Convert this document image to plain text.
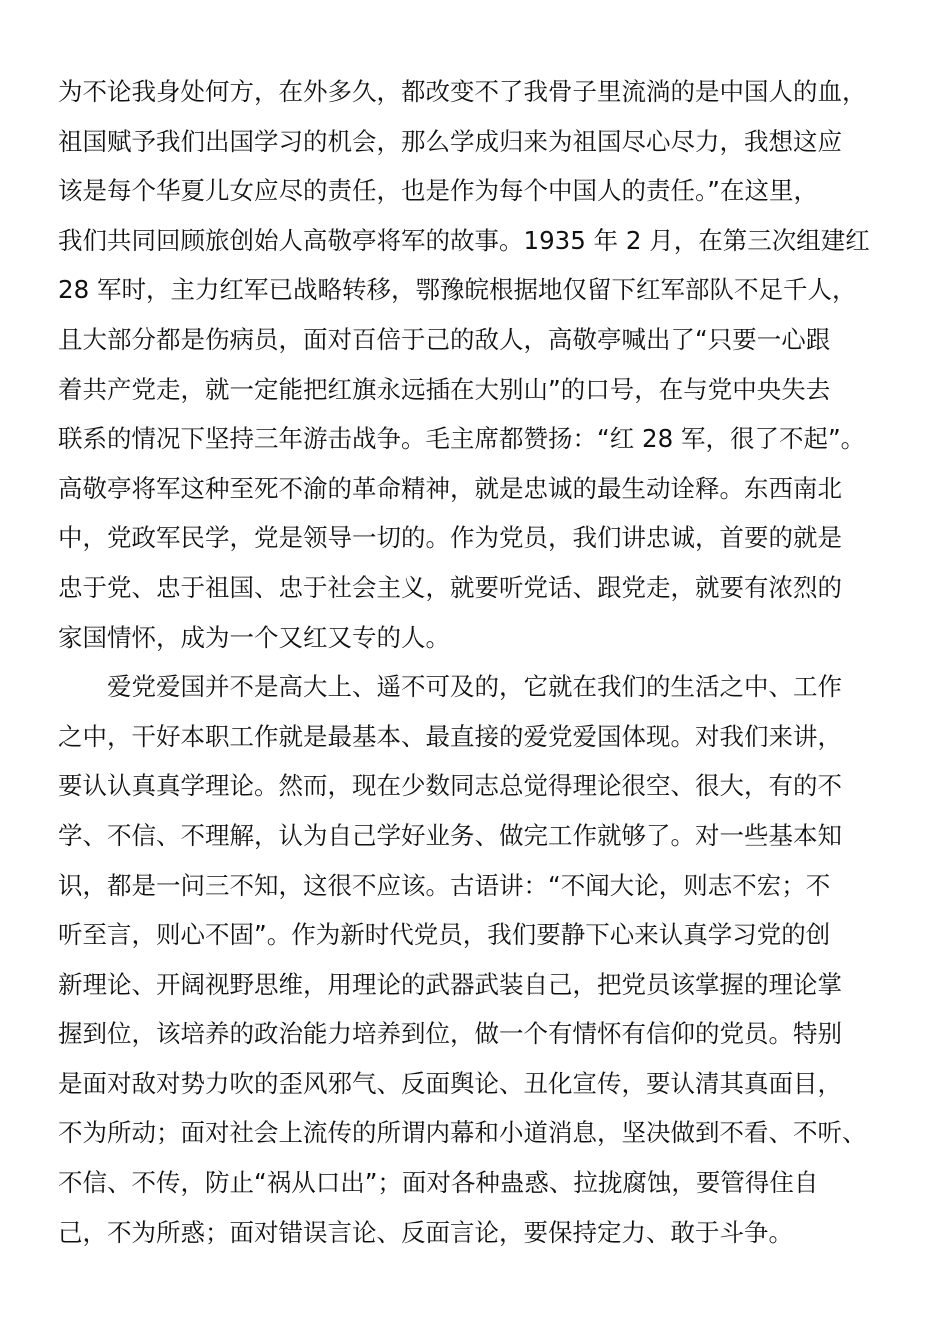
为不论我身处何方，在外多久，都改变不了我骨子里流淌的是中国人的血，
祖国赋予我们出国学习的机会，那么学成归来为祖国尽心尽力，我想这应
该是每个华夏儿女应尽的责任，也是作为每个中国人的责任。”在这里，
我们共同回顾旅创始人高敬亭将军的故事。1935 年 2 月，在第三次组建红
28 军时，主力红军已战略转移，鄂豫皖根据地仅留下红军部队不足千人，
且大部分都是伤病员，面对百倍于己的敌人，高敬亭喊出了“只要一心跟
着共产党走，就一定能把红旗永远插在大别山”的口号，在与党中央失去
联系的情况下坚持三年游击战争。毛主席都赞扬：“红 28 军，很了不起”。
高敬亭将军这种至死不渝的革命精神，就是忠诚的最生动诠释。东西南北
中，党政军民学，党是领导一切的。作为党员，我们讲忠诚，首要的就是
忠于党、忠于祖国、忠于社会主义，就要听党话、跟党走，就要有浓烈的
家国情怀，成为一个又红又专的人。
　　爱党爱国并不是高大上、遥不可及的，它就在我们的生活之中、工作
之中，干好本职工作就是最基本、最直接的爱党爱国体现。对我们来讲，
要认认真真学理论。然而，现在少数同志总觉得理论很空、很大，有的不
学、不信、不理解，认为自己学好业务、做完工作就够了。对一些基本知
识，都是一问三不知，这很不应该。古语讲：“不闻大论，则志不宏；不
听至言，则心不固”。作为新时代党员，我们要静下心来认真学习党的创
新理论、开阔视野思维，用理论的武器武装自己，把党员该掌握的理论掌
握到位，该培养的政治能力培养到位，做一个有情怀有信仰的党员。特别
是面对敌对势力吹的歪风邪气、反面舆论、丑化宣传，要认清其真面目，
不为所动；面对社会上流传的所谓内幕和小道消息，坚决做到不看、不听、
不信、不传，防止“祸从口出”；面对各种蛊惑、拉拢腐蚀，要管得住自
己，不为所惑；面对错误言论、反面言论，要保持定力、敢于斗争。
